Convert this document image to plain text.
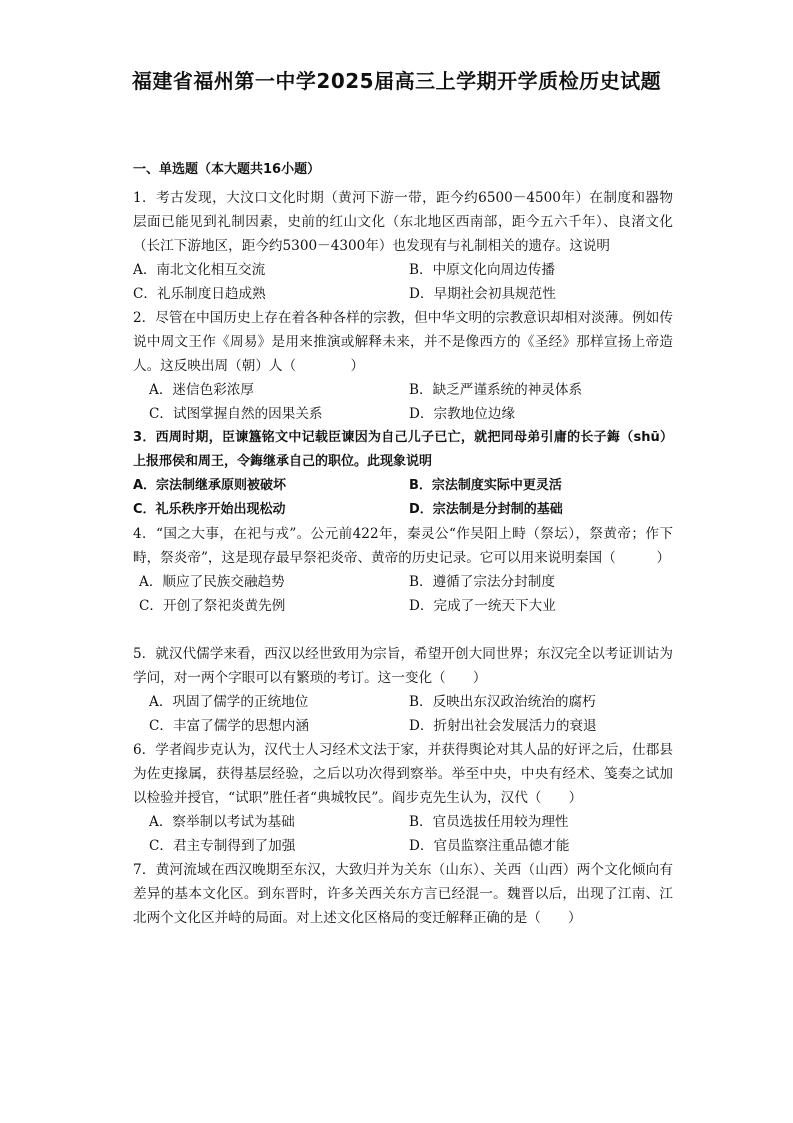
福建省福州第一中学2025届高三上学期开学质检历史试题
一、单选题（本大题共16小题）

1．考古发现，大汶口文化时期（黄河下游一带，距今约6500－4500年）在制度和器物层面已能见到礼制因素，史前的红山文化（东北地区西南部，距今五六千年）、良渚文化（长江下游地区，距今约5300－4300年）也发现有与礼制相关的遗存。这说明

A．南北文化相互交流	B．中原文化向周边传播
C．礼乐制度日趋成熟	D．早期社会初具规范性

2．尽管在中国历史上存在着各种各样的宗教，但中华文明的宗教意识却相对淡薄。例如传说中周文王作《周易》是用来推演或解释未来，并不是像西方的《圣经》那样宣扬上帝造人。这反映出周（朝）人（　　　　）

A．迷信色彩浓厚	B．缺乏严谨系统的神灵体系
C．试图掌握自然的因果关系	D．宗教地位边缘

3．西周时期，臣谏簋铭文中记载臣谏因为自己儿子已亡，就把同母弟引庸的长子鋂（shū）上报邢侯和周王，令鋂继承自己的职位。此现象说明

A．宗法制继承原则被破坏	B．宗法制度实际中更灵活
C．礼乐秩序开始出现松动	D．宗法制是分封制的基础

4．“国之大事，在祀与戎”。公元前422年，秦灵公“作吴阳上畤（祭坛），祭黄帝；作下畤，祭炎帝”，这是现存最早祭祀炎帝、黄帝的历史记录。它可以用来说明秦国（　　　）

A．顺应了民族交融趋势	B．遵循了宗法分封制度
C．开创了祭祀炎黄先例	D．完成了一统天下大业

5．就汉代儒学来看，西汉以经世致用为宗旨，希望开创大同世界；东汉完全以考证训诂为学问，对一两个字眼可以有繁琐的考订。这一变化（　　）

A．巩固了儒学的正统地位	B．反映出东汉政治统治的腐朽
C．丰富了儒学的思想内涵	D．折射出社会发展活力的衰退

6．学者阎步克认为，汉代士人习经术文法于家，并获得舆论对其人品的好评之后，仕郡县为佐吏掾属，获得基层经验，之后以功次得到察举。举至中央，中央有经术、笺奏之试加以检验并授官，“试职”胜任者“典城牧民”。阎步克先生认为，汉代（　　）

A．察举制以考试为基础	B．官员选拔任用较为理性
C．君主专制得到了加强	D．官员监察注重品德才能

7．黄河流域在西汉晚期至东汉，大致归并为关东（山东）、关西（山西）两个文化倾向有差异的基本文化区。到东晋时，许多关西关东方言已经混一。魏晋以后，出现了江南、江北两个文化区并峙的局面。对上述文化区格局的变迁解释正确的是（　　）
